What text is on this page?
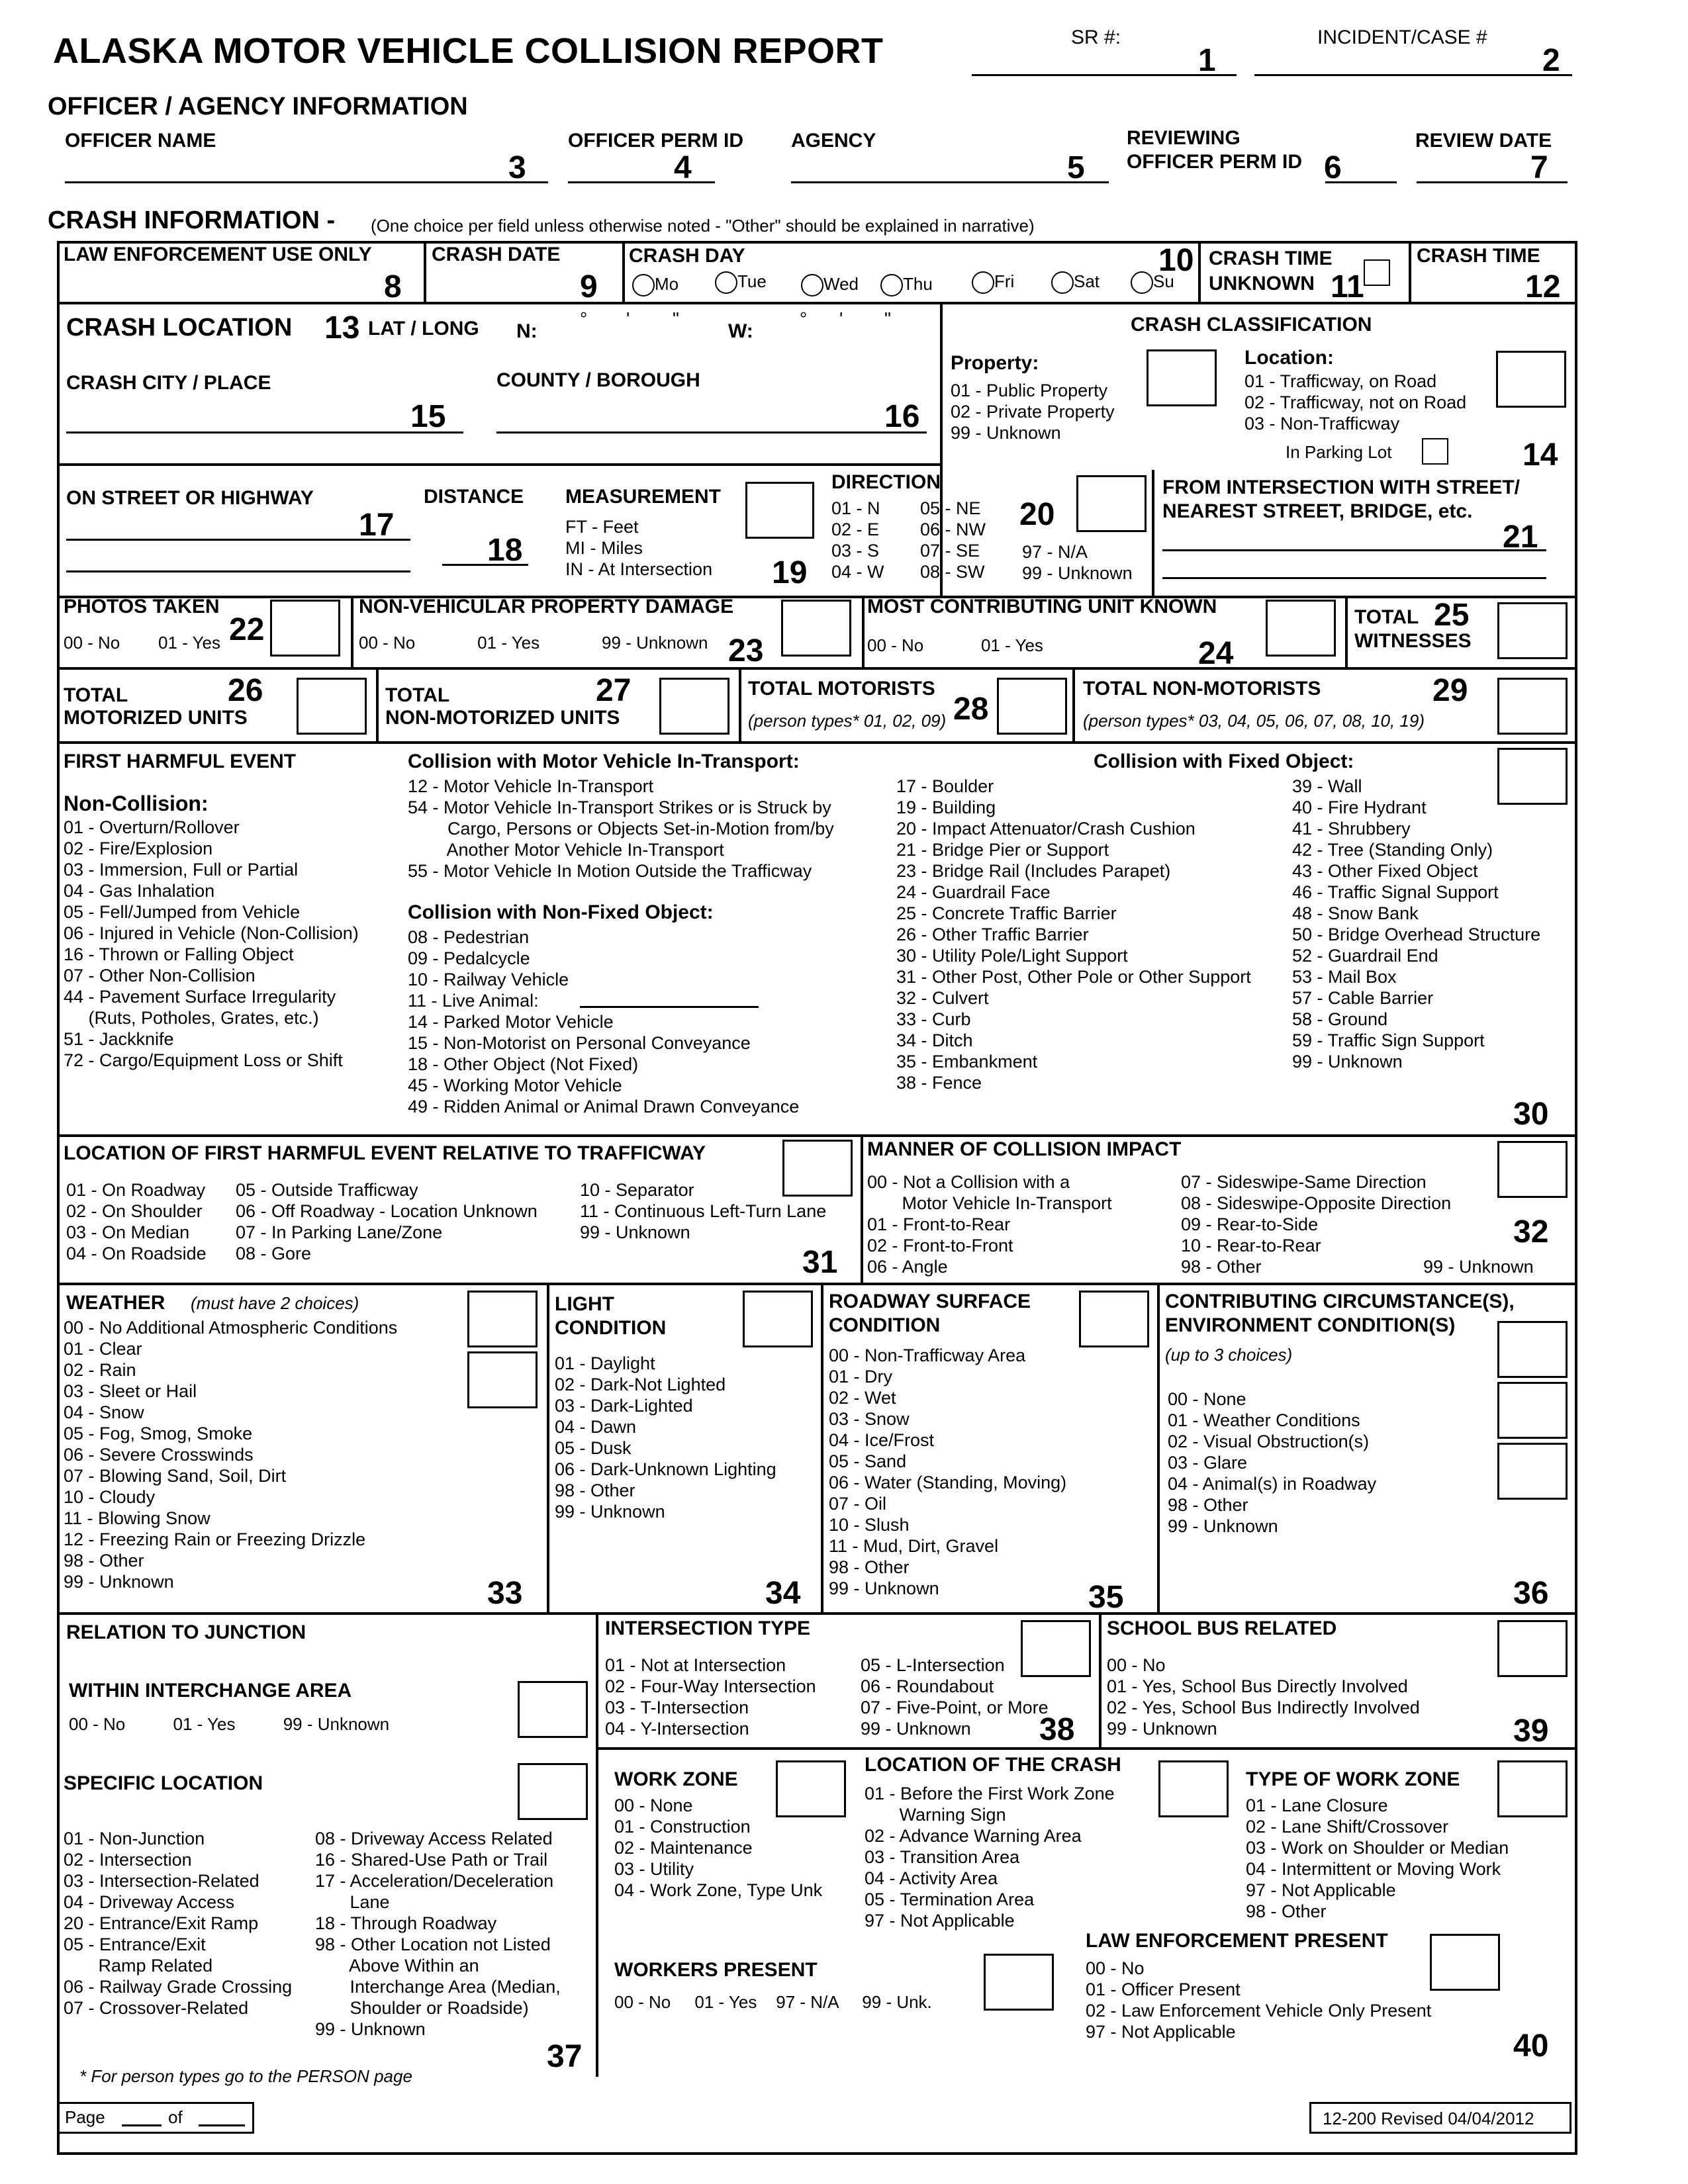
ALASKA MOTOR VEHICLE COLLISION REPORT	SR #:
1
INCIDENT/CASE #
2
OFFICER / AGENCY INFORMATION
OFFICER NAME
3
OFFICER PERM ID
4
AGENCY
5
REVIEWING
OFFICER PERM ID 6
REVIEW DATE
7
CRASH INFORMATION - (One choice per field unless otherwise noted - "Other" should be explained in narrative)
LAW ENFORCEMENT USE ONLY
8
CRASH DATE
9
CRASH DAY	10
Mo	Tue	Wed	Thu	Fri	Sat	Su
CRASH TIME
UNKNOWN 11
CRASH TIME
12
CRASH LOCATION 13 LAT / LONG N:
° ' "
W:
° ' "
CRASH CITY / PLACE
15
COUNTY / BOROUGH
16
CRASH CLASSIFICATION
Property:
01 - Public Property
02 - Private Property
99 - Unknown
Location:
01 - Trafficway, on Road
02 - Trafficway, not on Road
03 - Non-Trafficway
In Parking Lot	14
ON STREET OR HIGHWAY
17
DISTANCE
18
MEASUREMENT
FT - Feet
MI - Miles
IN - At Intersection 19
DIRECTION
01 - N
02 - E
03 - S
04 - W
05 - NE
06 - NW
07 - SE
08 - SW
97 - N/A
99 - Unknown
20
FROM INTERSECTION WITH STREET/
NEAREST STREET, BRIDGE, etc.
21
PHOTOS TAKEN
00 - No        01 - Yes 22
NON-VEHICULAR PROPERTY DAMAGE
00 - No             01 - Yes             99 - Unknown 23
MOST CONTRIBUTING UNIT KNOWN
00 - No            01 - Yes	24
TOTAL
WITNESSES
25
TOTAL
MOTORIZED UNITS
26	TOTAL
NON-MOTORIZED UNITS
27	TOTAL MOTORISTS
(person types* 01, 02, 09) 28
TOTAL NON-MOTORISTS
(person types* 03, 04, 05, 06, 07, 08, 10, 19)
29
FIRST HARMFUL EVENT
Non-Collision:
01 - Overturn/Rollover
02 - Fire/Explosion
03 - Immersion, Full or Partial
04 - Gas Inhalation
05 - Fell/Jumped from Vehicle
06 - Injured in Vehicle (Non-Collision)
16 - Thrown or Falling Object
07 - Other Non-Collision
44 - Pavement Surface Irregularity
(Ruts, Potholes, Grates, etc.)
51 - Jackknife
72 - Cargo/Equipment Loss or Shift
Collision with Motor Vehicle In-Transport:
12 - Motor Vehicle In-Transport
54 - Motor Vehicle In-Transport Strikes or is Struck by
Cargo, Persons or Objects Set-in-Motion from/by
Another Motor Vehicle In-Transport
55 - Motor Vehicle In Motion Outside the Trafficway
Collision with Non-Fixed Object:
08 - Pedestrian
09 - Pedalcycle
10 - Railway Vehicle
11 - Live Animal:
14 - Parked Motor Vehicle
15 - Non-Motorist on Personal Conveyance
18 - Other Object (Not Fixed)
45 - Working Motor Vehicle
49 - Ridden Animal or Animal Drawn Conveyance
Collision with Fixed Object:
17 - Boulder
19 - Building
20 - Impact Attenuator/Crash Cushion
21 - Bridge Pier or Support
23 - Bridge Rail (Includes Parapet)
24 - Guardrail Face
25 - Concrete Traffic Barrier
26 - Other Traffic Barrier
30 - Utility Pole/Light Support
31 - Other Post, Other Pole or Other Support
32 - Culvert
33 - Curb
34 - Ditch
35 - Embankment
38 - Fence
39 - Wall
40 - Fire Hydrant
41 - Shrubbery
42 - Tree (Standing Only)
43 - Other Fixed Object
46 - Traffic Signal Support
48 - Snow Bank
50 - Bridge Overhead Structure
52 - Guardrail End
53 - Mail Box
57 - Cable Barrier
58 - Ground
59 - Traffic Sign Support
99 - Unknown
30
LOCATION OF FIRST HARMFUL EVENT RELATIVE TO TRAFFICWAY
01 - On Roadway
02 - On Shoulder
03 - On Median
04 - On Roadside
05 - Outside Trafficway
06 - Off Roadway - Location Unknown
07 - In Parking Lane/Zone
08 - Gore
10 - Separator
11 - Continuous Left-Turn Lane
99 - Unknown
31
MANNER OF COLLISION IMPACT
00 - Not a Collision with a
Motor Vehicle In-Transport
01 - Front-to-Rear
02 - Front-to-Front
06 - Angle
07 - Sideswipe-Same Direction
08 - Sideswipe-Opposite Direction
09 - Rear-to-Side
10 - Rear-to-Rear
98 - Other	99 - Unknown
32
WEATHER (must have 2 choices)
00 - No Additional Atmospheric Conditions
01 - Clear
02 - Rain
03 - Sleet or Hail
04 - Snow
05 - Fog, Smog, Smoke
06 - Severe Crosswinds
07 - Blowing Sand, Soil, Dirt
10 - Cloudy
11 - Blowing Snow
12 - Freezing Rain or Freezing Drizzle
98 - Other
99 - Unknown	33
LIGHT
CONDITION
01 - Daylight
02 - Dark-Not Lighted
03 - Dark-Lighted
04 - Dawn
05 - Dusk
06 - Dark-Unknown Lighting
98 - Other
99 - Unknown
34
ROADWAY SURFACE
CONDITION
00 - Non-Trafficway Area
01 - Dry
02 - Wet
03 - Snow
04 - Ice/Frost
05 - Sand
06 - Water (Standing, Moving)
07 - Oil
10 - Slush
11 - Mud, Dirt, Gravel
98 - Other
99 - Unknown	35
CONTRIBUTING CIRCUMSTANCE(S),
ENVIRONMENT CONDITION(S)
(up to 3 choices)
00 - None
01 - Weather Conditions
02 - Visual Obstruction(s)
03 - Glare
04 - Animal(s) in Roadway
98 - Other
99 - Unknown
36
RELATION TO JUNCTION
WITHIN INTERCHANGE AREA
00 - No          01 - Yes          99 - Unknown
SPECIFIC LOCATION
01 - Non-Junction
02 - Intersection
03 - Intersection-Related
04 - Driveway Access
20 - Entrance/Exit Ramp
05 - Entrance/Exit
Ramp Related
06 - Railway Grade Crossing
07 - Crossover-Related
08 - Driveway Access Related
16 - Shared-Use Path or Trail
17 - Acceleration/Deceleration
Lane
18 - Through Roadway
98 - Other Location not Listed
Above Within an
Interchange Area (Median,
Shoulder or Roadside)
99 - Unknown
37
INTERSECTION TYPE
01 - Not at Intersection
02 - Four-Way Intersection
03 - T-Intersection
04 - Y-Intersection
05 - L-Intersection
06 - Roundabout
07 - Five-Point, or More
99 - Unknown	38
SCHOOL BUS RELATED
00 - No
01 - Yes, School Bus Directly Involved
02 - Yes, School Bus Indirectly Involved
99 - Unknown	39
WORK ZONE
00 - None
01 - Construction
02 - Maintenance
03 - Utility
04 - Work Zone, Type Unk
LOCATION OF THE CRASH
01 - Before the First Work Zone
Warning Sign
02 - Advance Warning Area
03 - Transition Area
04 - Activity Area
05 - Termination Area
97 - Not Applicable
TYPE OF WORK ZONE
01 - Lane Closure
02 - Lane Shift/Crossover
03 - Work on Shoulder or Median
04 - Intermittent or Moving Work
97 - Not Applicable
98 - Other
WORKERS PRESENT
00 - No     01 - Yes    97 - N/A     99 - Unk.
LAW ENFORCEMENT PRESENT
00 - No
01 - Officer Present
02 - Law Enforcement Vehicle Only Present
97 - Not Applicable	40
* For person types go to the PERSON page
Page	of	12-200 Revised 04/04/2012
